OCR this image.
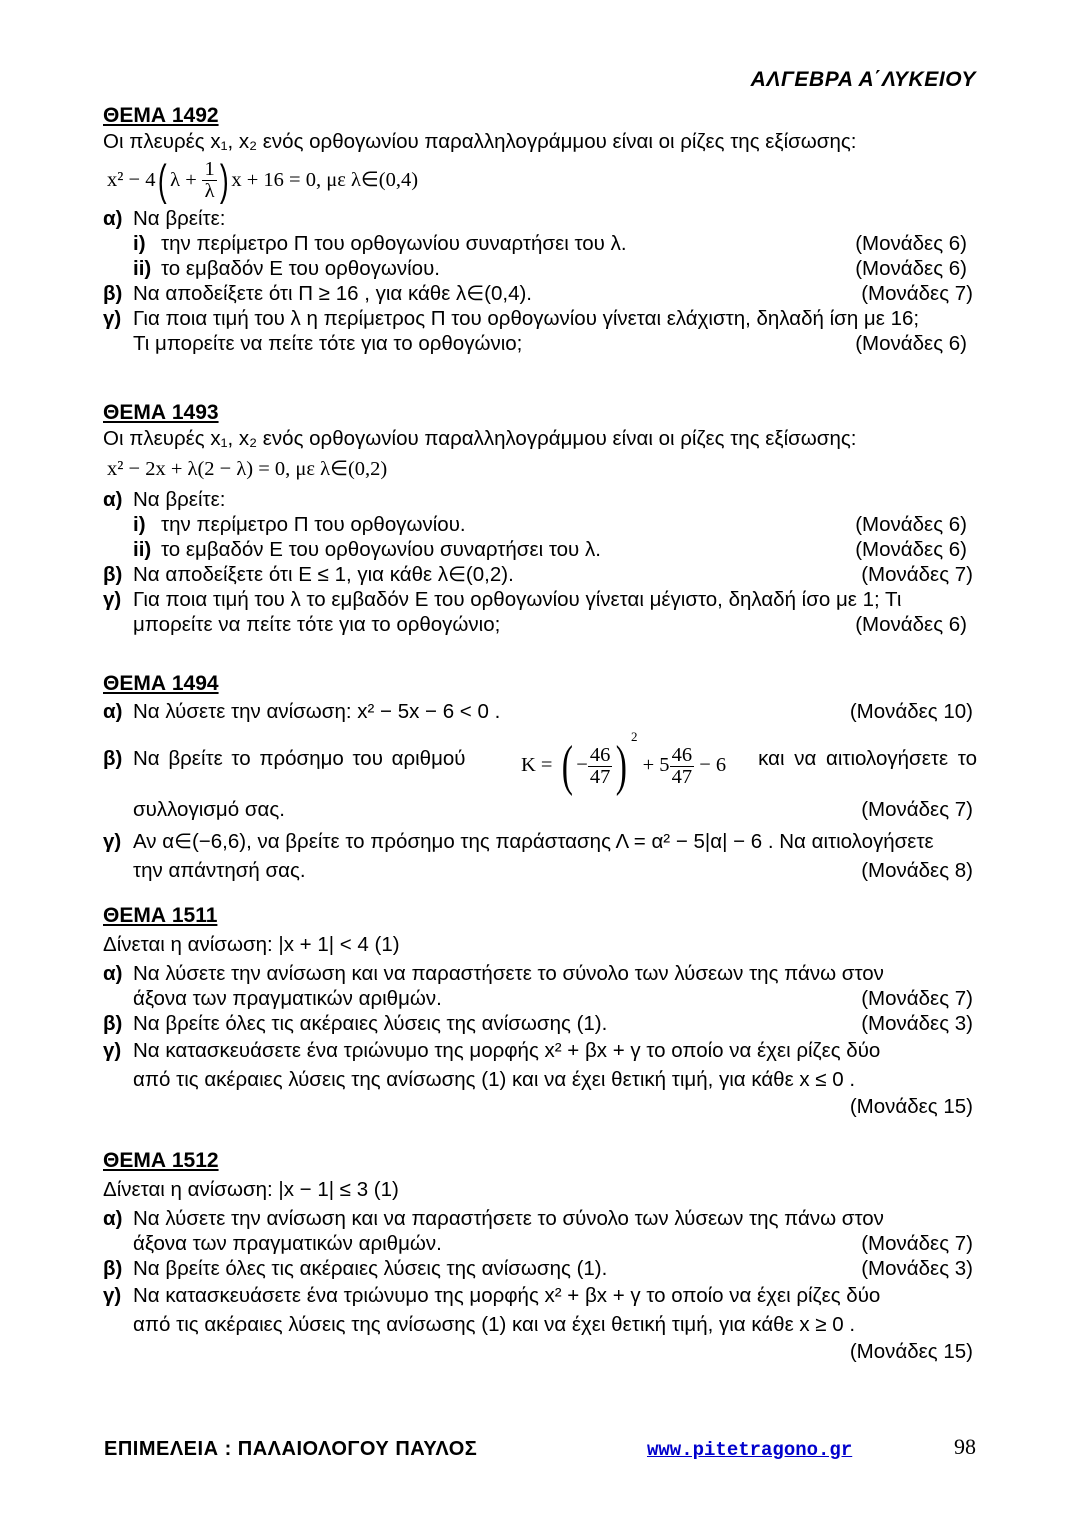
ΑΛΓΕΒΡΑ Α΄ΛΥΚΕΙΟΥ
ΘΕΜΑ 1492
Οι πλευρές x₁, x₂ ενός ορθογωνίου παραλληλογράμμου είναι οι ρίζες της εξίσωσης:
x² − 4( $\lambda + \frac{1}{\lambda}$ ) x + 16 = 0, με λ∈(0,4)
α) Να βρείτε:
i) την περίμετρο Π του ορθογωνίου συναρτήσει του λ.	(Μονάδες 6)
ii) το εμβαδόν Ε του ορθογωνίου.	(Μονάδες 6)
β) Να αποδείξετε ότι Π ≥ 16 , για κάθε λ∈(0,4).	(Μονάδες 7)
γ) Για ποια τιμή του λ η περίμετρος Π του ορθογωνίου γίνεται ελάχιστη, δηλαδή ίση με 16;
Τι μπορείτε να πείτε τότε για το ορθογώνιο;	(Μονάδες 6)
ΘΕΜΑ 1493
Οι πλευρές x₁, x₂ ενός ορθογωνίου παραλληλογράμμου είναι οι ρίζες της εξίσωσης:
x² − 2x + λ(2 − λ) = 0, με λ∈(0,2)
α) Να βρείτε:
i) την περίμετρο Π του ορθογωνίου.	(Μονάδες 6)
ii) το εμβαδόν Ε του ορθογωνίου συναρτήσει του λ.	(Μονάδες 6)
β) Να αποδείξετε ότι Ε ≤ 1, για κάθε λ∈(0,2).	(Μονάδες 7)
γ) Για ποια τιμή του λ το εμβαδόν Ε του ορθογωνίου γίνεται μέγιστο, δηλαδή ίσο με 1; Τι
μπορείτε να πείτε τότε για το ορθογώνιο;	(Μονάδες 6)
ΘΕΜΑ 1494
α) Να λύσετε την ανίσωση: x² − 5x − 6 < 0 .	(Μονάδες 10)
β) Να βρείτε το πρόσημο του αριθμού	K = ( − $\frac{46}{47}$ ) $^2 + 5 \frac{46}{47} - 6$ και να αιτιολογήσετε το
συλλογισμό σας.	(Μονάδες 7)
γ) Αν α∈(−6,6), να βρείτε το πρόσημο της παράστασης Λ = α² − 5|α| − 6 . Να αιτιολογήσετε
την απάντησή σας.	(Μονάδες 8)
ΘΕΜΑ 1511
Δίνεται η ανίσωση: |x + 1| < 4 (1)
α) Να λύσετε την ανίσωση και να παραστήσετε το σύνολο των λύσεων της πάνω στον
άξονα των πραγματικών αριθμών.	(Μονάδες 7)
β) Να βρείτε όλες τις ακέραιες λύσεις της ανίσωσης (1).	(Μονάδες 3)
γ) Να κατασκευάσετε ένα τριώνυμο της μορφής x² + βx + γ το οποίο να έχει ρίζες δύο
από τις ακέραιες λύσεις της ανίσωσης (1) και να έχει θετική τιμή, για κάθε x ≤ 0 .
(Μονάδες 15)
ΘΕΜΑ 1512
Δίνεται η ανίσωση: |x − 1| ≤ 3 (1)
α) Να λύσετε την ανίσωση και να παραστήσετε το σύνολο των λύσεων της πάνω στον
άξονα των πραγματικών αριθμών.	(Μονάδες 7)
β) Να βρείτε όλες τις ακέραιες λύσεις της ανίσωσης (1).	(Μονάδες 3)
γ) Να κατασκευάσετε ένα τριώνυμο της μορφής x² + βx + γ το οποίο να έχει ρίζες δύο
από τις ακέραιες λύσεις της ανίσωσης (1) και να έχει θετική τιμή, για κάθε x ≥ 0 .
(Μονάδες 15)
ΕΠΙΜΕΛΕΙΑ : ΠΑΛΑΙΟΛΟΓΟΥ ΠΑΥΛΟΣ	www.pitetragono.gr	98
